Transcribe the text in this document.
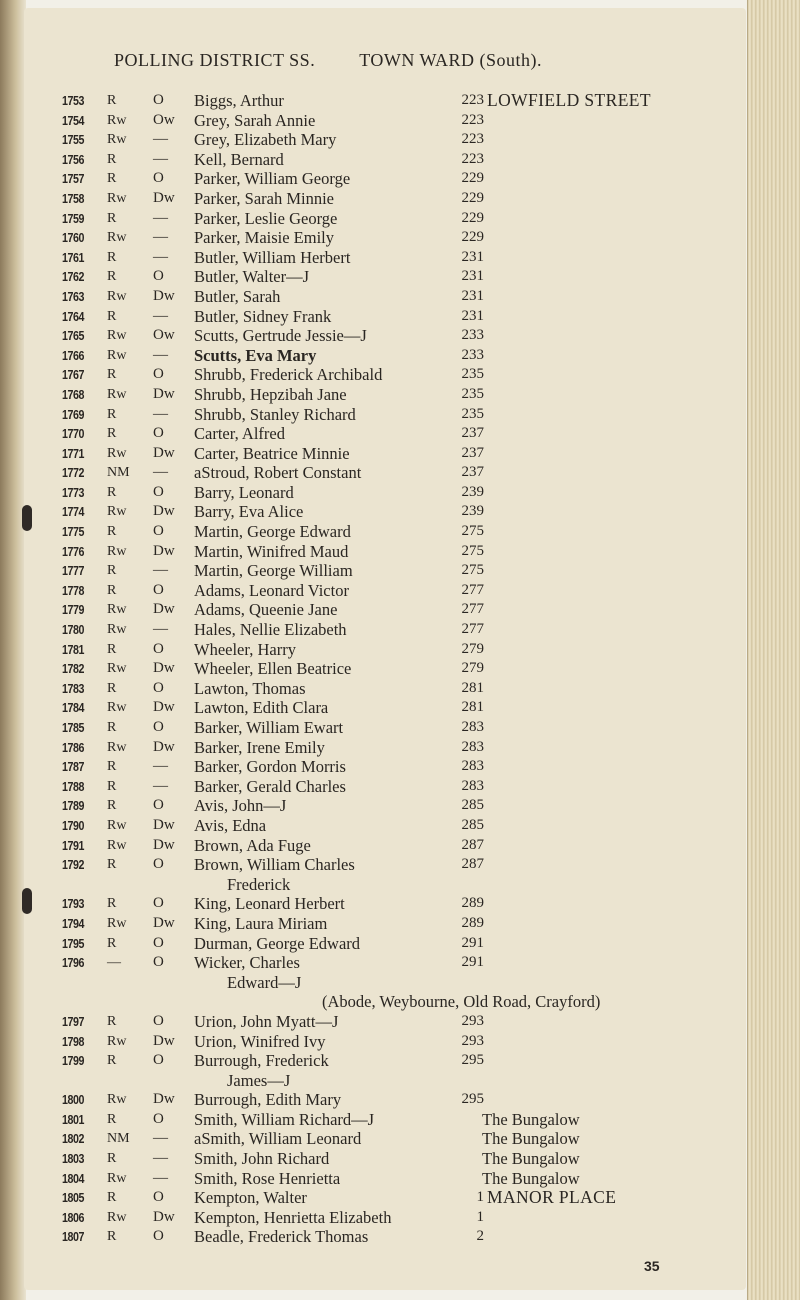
POLLING DISTRICT SS. TOWN WARD (South).
1753 R O Biggs, Arthur	223 LOWFIELD STREET
1754 Rw Ow Grey, Sarah Annie	223
1755 Rw — Grey, Elizabeth Mary	223
1756 R — Kell, Bernard	223
1757 R O Parker, William George	229
1758 Rw Dw Parker, Sarah Minnie	229
1759 R — Parker, Leslie George	229
1760 Rw — Parker, Maisie Emily	229
1761 R — Butler, William Herbert	231
1762 R O Butler, Walter—J	231
1763 Rw Dw Butler, Sarah	231
1764 R — Butler, Sidney Frank	231
1765 Rw Ow Scutts, Gertrude Jessie—J	233
1766 Rw — Scutts, Eva Mary	233
1767 R O Shrubb, Frederick Archibald	235
1768 Rw Dw Shrubb, Hepzibah Jane	235
1769 R — Shrubb, Stanley Richard	235
1770 R O Carter, Alfred	237
1771 Rw Dw Carter, Beatrice Minnie	237
1772 NM — aStroud, Robert Constant	237
1773 R O Barry, Leonard	239
1774 Rw Dw Barry, Eva Alice	239
1775 R O Martin, George Edward	275
1776 Rw Dw Martin, Winifred Maud	275
1777 R — Martin, George William	275
1778 R O Adams, Leonard Victor	277
1779 Rw Dw Adams, Queenie Jane	277
1780 Rw — Hales, Nellie Elizabeth	277
1781 R O Wheeler, Harry	279
1782 Rw Dw Wheeler, Ellen Beatrice	279
1783 R O Lawton, Thomas	281
1784 Rw Dw Lawton, Edith Clara	281
1785 R O Barker, William Ewart	283
1786 Rw Dw Barker, Irene Emily	283
1787 R — Barker, Gordon Morris	283
1788 R — Barker, Gerald Charles	283
1789 R O Avis, John—J	285
1790 Rw Dw Avis, Edna	285
1791 Rw Dw Brown, Ada Fuge	287
1792 R O Brown, William Charles	287
Frederick
1793 R O King, Leonard Herbert	289
1794 Rw Dw King, Laura Miriam	289
1795 R O Durman, George Edward	291
1796 — O Wicker, Charles	291
Edward—J
(Abode, Weybourne, Old Road, Crayford)
1797 R O Urion, John Myatt—J	293
1798 Rw Dw Urion, Winifred Ivy	293
1799 R O Burrough, Frederick	295
James—J
1800 Rw Dw Burrough, Edith Mary	295
1801 R O Smith, William Richard—J	The Bungalow
1802 NM — aSmith, William Leonard	The Bungalow
1803 R — Smith, John Richard	The Bungalow
1804 Rw — Smith, Rose Henrietta	The Bungalow
1805 R O Kempton, Walter	1 MANOR PLACE
1806 Rw Dw Kempton, Henrietta Elizabeth	1
1807 R O Beadle, Frederick Thomas	2
35
